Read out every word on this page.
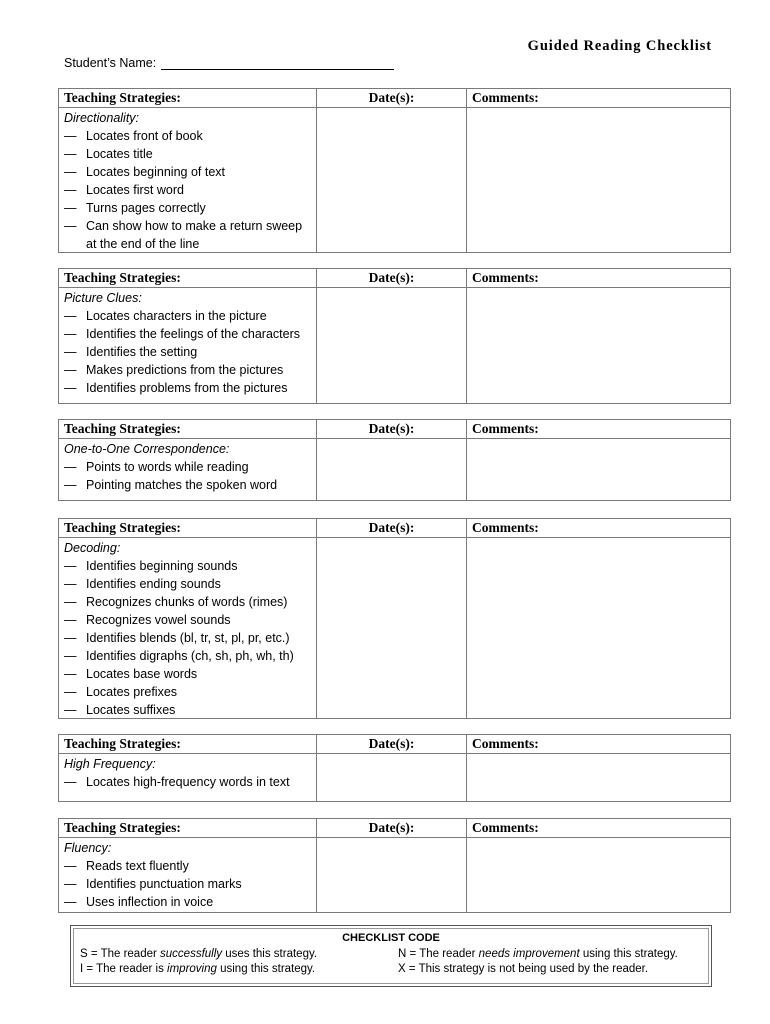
Guided Reading Checklist
Student’s Name:
Teaching Strategies:	Date(s):	Comments:
Directionality:
— Locates front of book
— Locates title
— Locates beginning of text
— Locates first word
— Turns pages correctly
— Can show how to make a return sweep
at the end of the line
Teaching Strategies:	Date(s):	Comments:
Picture Clues:
— Locates characters in the picture
— Identifies the feelings of the characters
— Identifies the setting
— Makes predictions from the pictures
— Identifies problems from the pictures
Teaching Strategies:	Date(s):	Comments:
One-to-One Correspondence:
— Points to words while reading
— Pointing matches the spoken word
Teaching Strategies:	Date(s):	Comments:
Decoding:
— Identifies beginning sounds
— Identifies ending sounds
— Recognizes chunks of words (rimes)
— Recognizes vowel sounds
— Identifies blends (bl, tr, st, pl, pr, etc.)
— Identifies digraphs (ch, sh, ph, wh, th)
— Locates base words
— Locates prefixes
— Locates suffixes
Teaching Strategies:	Date(s):	Comments:
High Frequency:
— Locates high-frequency words in text
Teaching Strategies:	Date(s):	Comments:
Fluency:
— Reads text fluently
— Identifies punctuation marks
— Uses inflection in voice
CHECKLIST CODE
S = The reader successfully uses this strategy.
I = The reader is improving using this strategy.
N = The reader needs improvement using this strategy.
X = This strategy is not being used by the reader.
